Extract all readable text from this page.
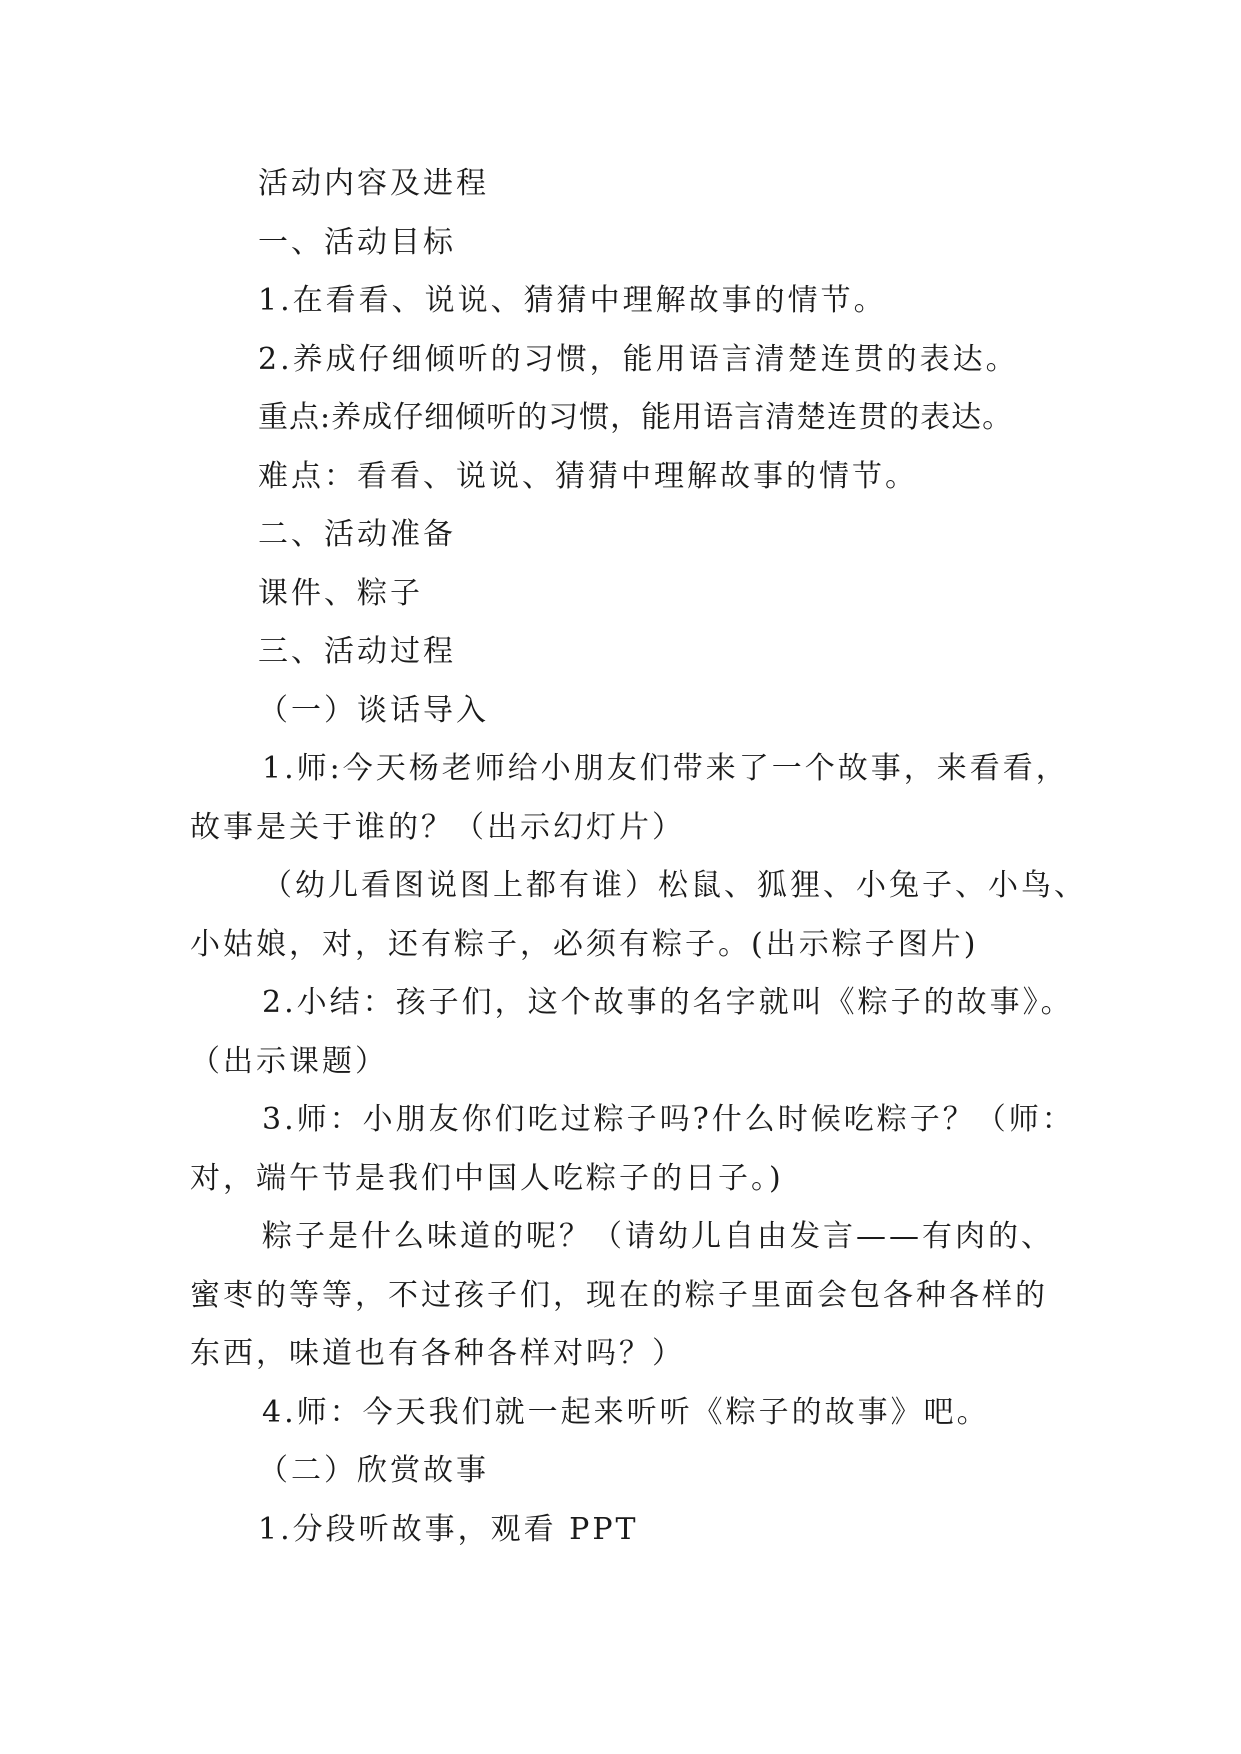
活动内容及进程

一、活动目标

1.在看看、说说、猜猜中理解故事的情节。

2.养成仔细倾听的习惯，能用语言清楚连贯的表达。

重点:养成仔细倾听的习惯，能用语言清楚连贯的表达。

难点：看看、说说、猜猜中理解故事的情节。

二、活动准备

课件、粽子

三、活动过程

（一）谈话导入

1.师:今天杨老师给小朋友们带来了一个故事，来看看，

故事是关于谁的？（出示幻灯片）

（幼儿看图说图上都有谁）松鼠、狐狸、小兔子、小鸟、

小姑娘，对，还有粽子，必须有粽子。(出示粽子图片)

2.小结：孩子们，这个故事的名字就叫《粽子的故事》。

（出示课题）

3.师：小朋友你们吃过粽子吗?什么时候吃粽子？（师：

对，端午节是我们中国人吃粽子的日子。)

粽子是什么味道的呢？（请幼儿自由发言——有肉的、

蜜枣的等等，不过孩子们，现在的粽子里面会包各种各样的

东西，味道也有各种各样对吗？）

4.师：今天我们就一起来听听《粽子的故事》吧。

（二）欣赏故事

1.分段听故事，观看 PPT
